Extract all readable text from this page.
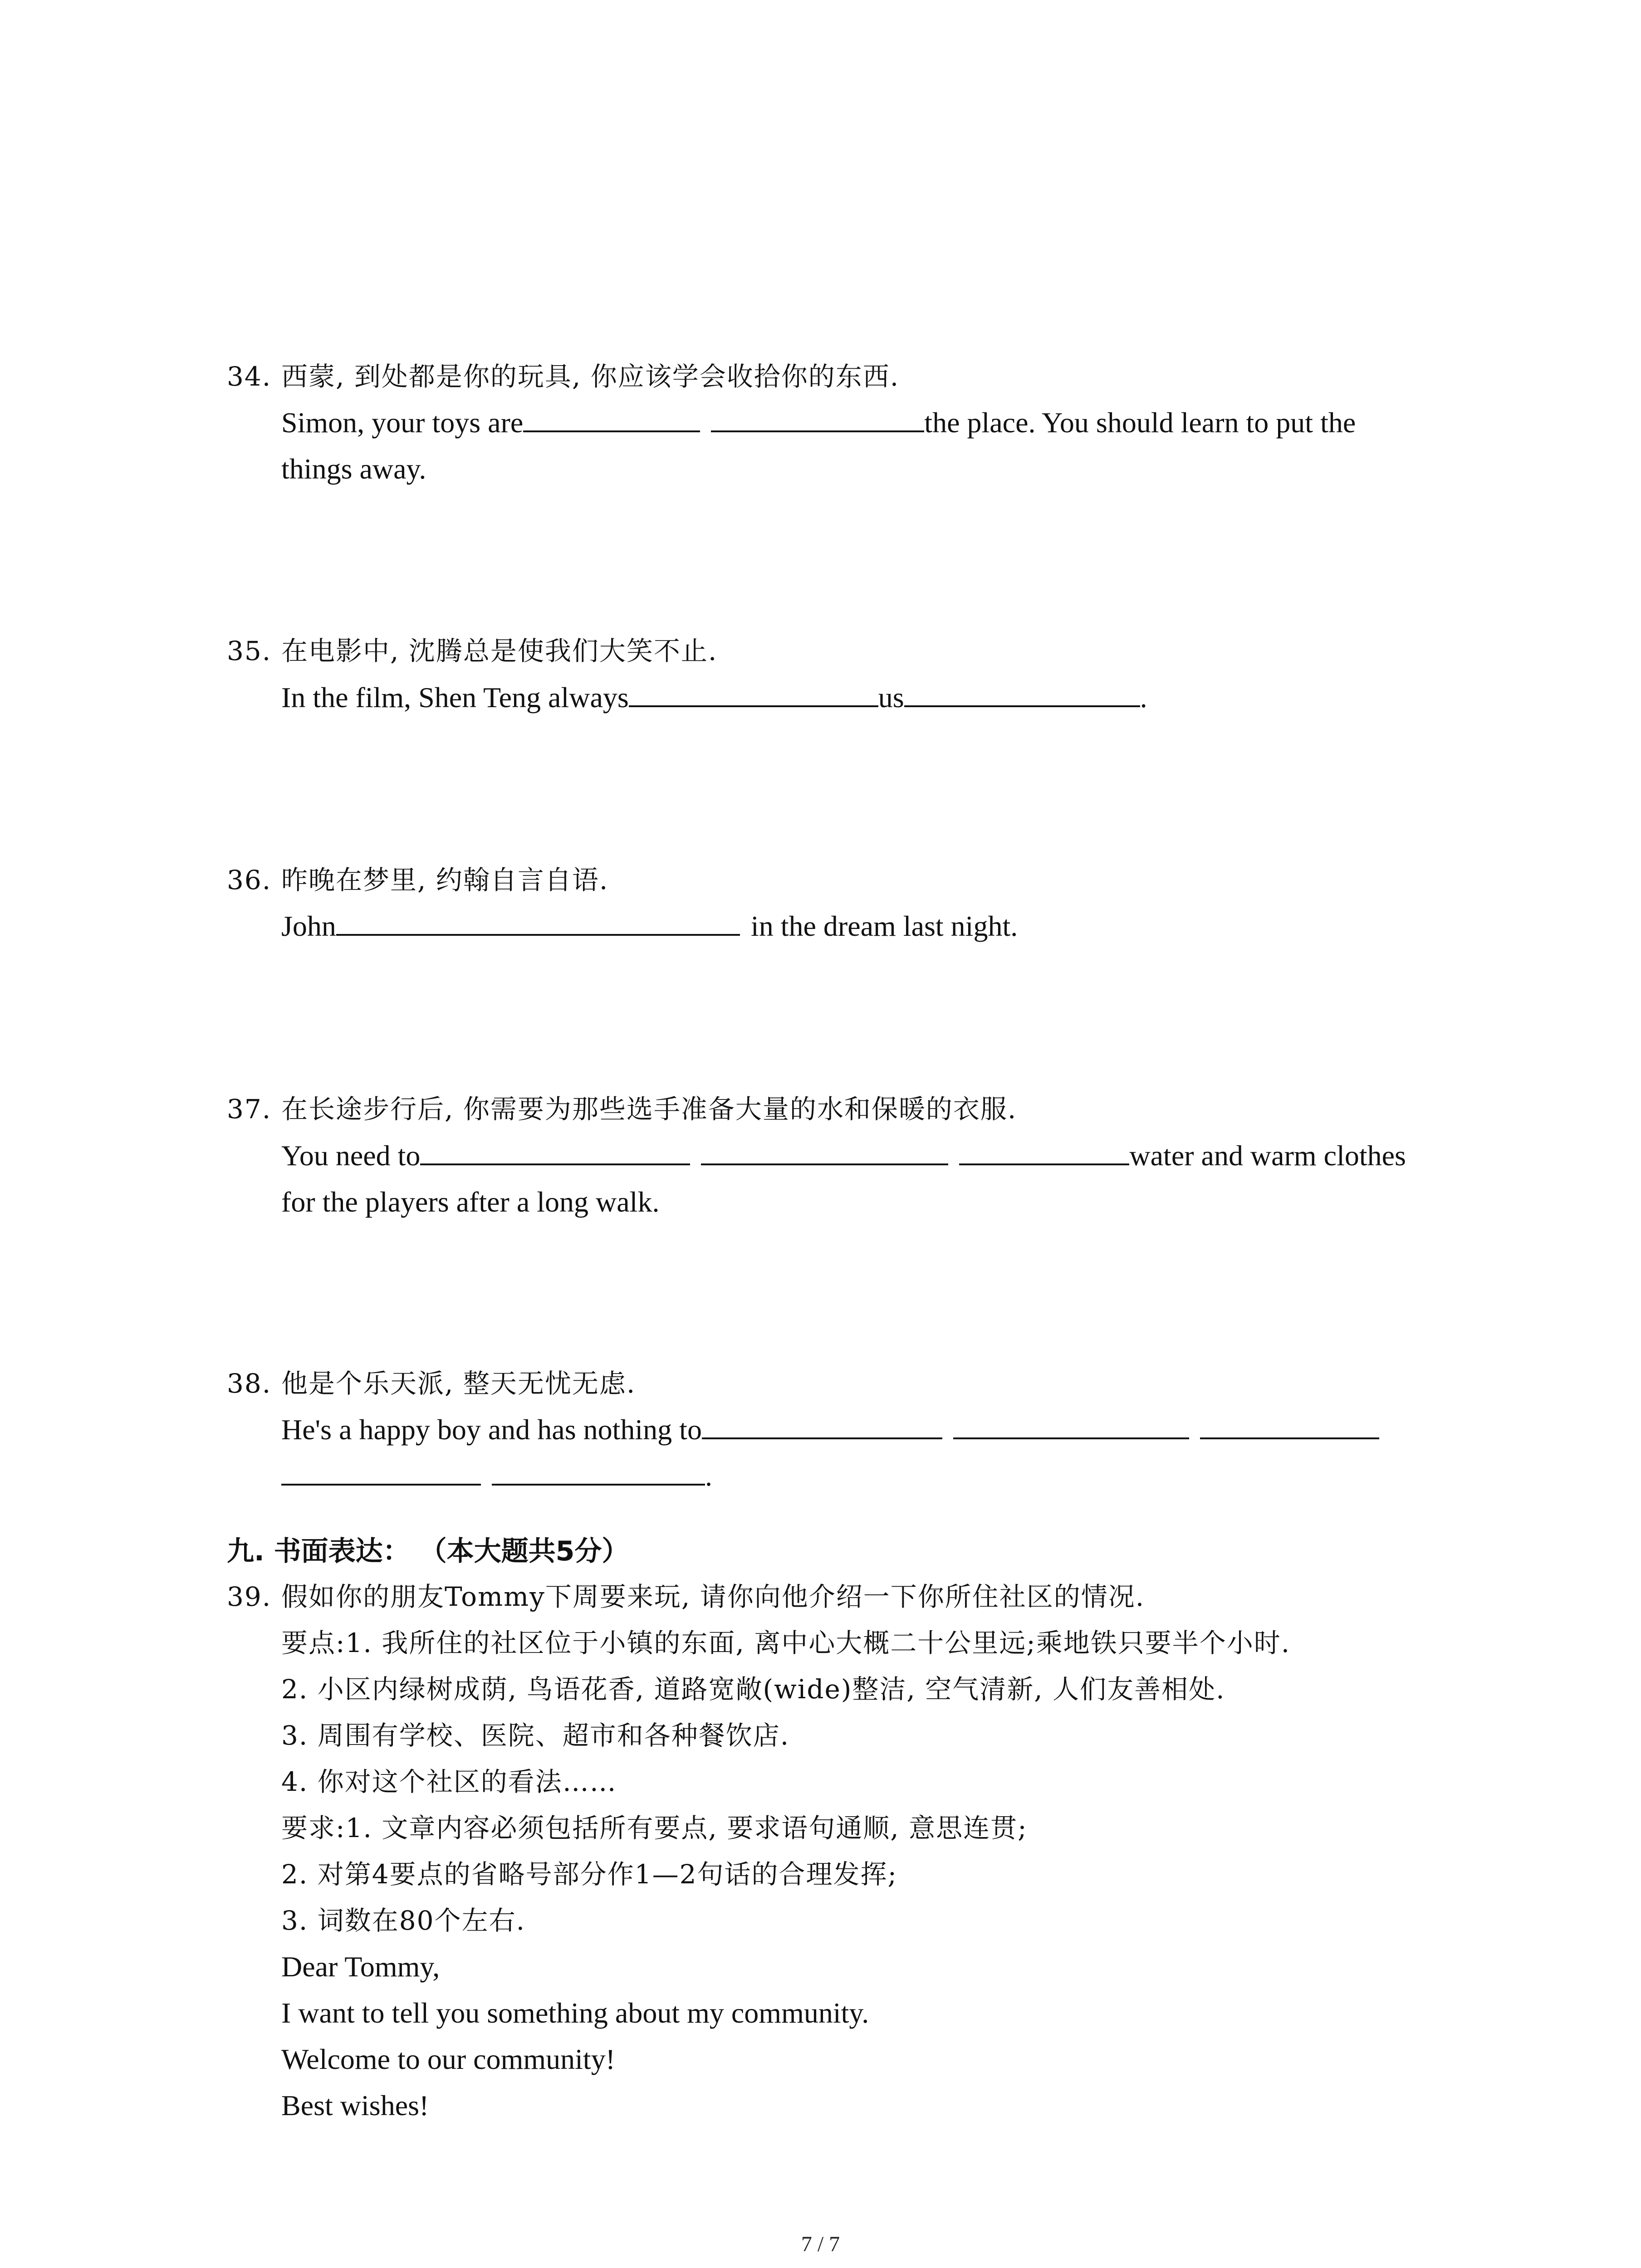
34. 西蒙, 到处都是你的玩具, 你应该学会收拾你的东西.
Simon, your toys are	the place. You should learn to put the
things away.
35. 在电影中, 沈腾总是使我们大笑不止.
In the film, Shen Teng always	us	.
36. 昨晚在梦里, 约翰自言自语.
John	in the dream last night.
37. 在长途步行后, 你需要为那些选手准备大量的水和保暖的衣服.
You need to	water and warm clothes
for the players after a long walk.
38. 他是个乐天派, 整天无忧无虑.
He's a happy boy and has nothing to
.
九. 书面表达： （本大题共5分）
39. 假如你的朋友Tommy下周要来玩, 请你向他介绍一下你所住社区的情况.
要点:1. 我所住的社区位于小镇的东面, 离中心大概二十公里远;乘地铁只要半个小时.
2. 小区内绿树成荫, 鸟语花香, 道路宽敞(wide)整洁, 空气清新, 人们友善相处.
3. 周围有学校、医院、超市和各种餐饮店.
4. 你对这个社区的看法……
要求:1. 文章内容必须包括所有要点, 要求语句通顺, 意思连贯;
2. 对第4要点的省略号部分作1—2句话的合理发挥;
3. 词数在80个左右.
Dear Tommy,
I want to tell you something about my community.
Welcome to our community!
Best wishes!
7 / 7
